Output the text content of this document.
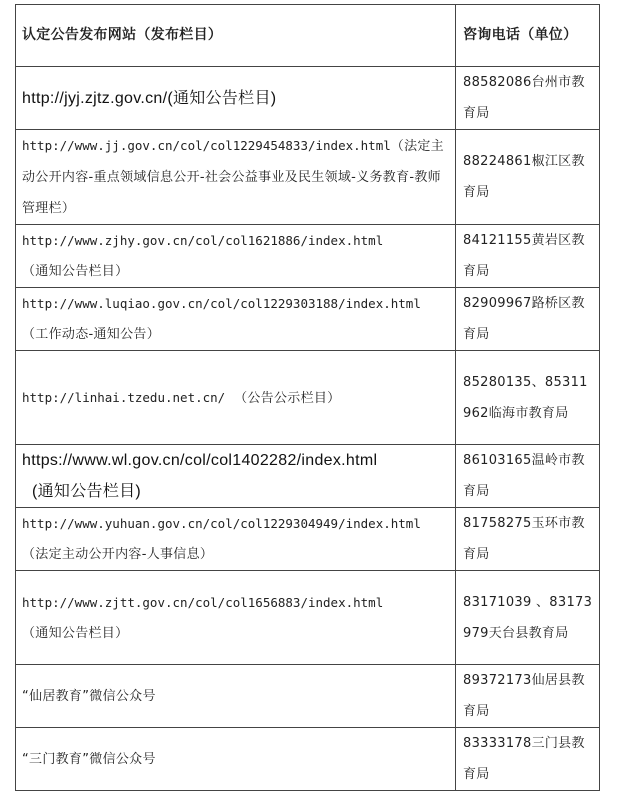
认定公告发布网站（发布栏目）	咨询电话（单位）
http://jyj.zjtz.gov.cn/(通知公告栏目)	88582086台州市教育局
http://www.jj.gov.cn/col/col1229454833/index.html（法定主动公开内容-重点领域信息公开-社会公益事业及民生领域-义务教育-教师管理栏）	88224861椒江区教育局

http://www.zjhy.gov.cn/col/col1621886/index.html
（通知公告栏目）	84121155黄岩区教育局

http://www.luqiao.gov.cn/col/col1229303188/index.html
（工作动态-通知公告）	82909967路桥区教育局
http://linhai.tzedu.net.cn/ （公告公示栏目）	85280135、85311962临海市教育局

https://www.wl.gov.cn/col/col1402282/index.html
(通知公告栏目)	86103165温岭市教育局

http://www.yuhuan.gov.cn/col/col1229304949/index.html
（法定主动公开内容-人事信息）	81758275玉环市教育局

http://www.zjtt.gov.cn/col/col1656883/index.html
（通知公告栏目）	83171039 、83173979天台县教育局
“仙居教育”微信公众号	89372173仙居县教育局
“三门教育”微信公众号	83333178三门县教育局
